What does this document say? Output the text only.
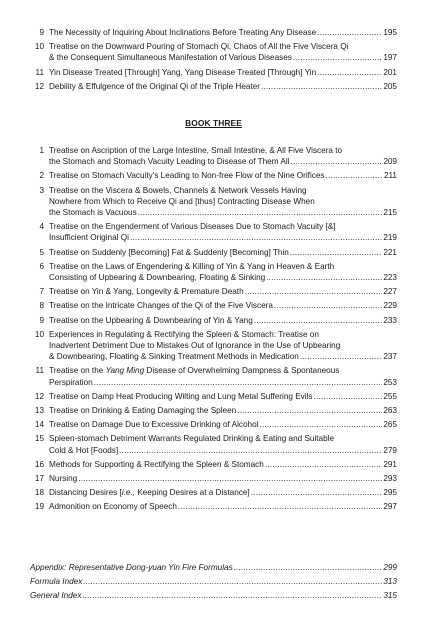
9 The Necessity of Inquiring About Inclinations Before Treating Any Disease .....	195
10 Treatise on the Downward Pouring of Stomach Qi, Chaos of All the Five Viscera Qi
& the Consequent Simultaneous Manifestation of Various Diseases .....	197
11 Yin Disease Treated [Through] Yang, Yang Disease Treated [Through] Yin .....	201
12 Debility & Effulgence of the Original Qi of the Triple Heater .....	205
BOOK THREE
1 Treatise on Ascription of the Large Intestine, Small Intestine, & All Five Viscera to
the Stomach and Stomach Vacuity Leading to Disease of Them All .....	209
2 Treatise on Stomach Vacuity's Leading to Non-free Flow of the Nine Orifices .....	211
3 Treatise on the Viscera & Bowels, Channels & Network Vessels Having
Nowhere from Which to Receive Qi and [thus] Contracting Disease When
the Stomach is Vacuous .....	215
4 Treatise on the Engenderment of Various Diseases Due to Stomach Vacuity [&]
Insufficient Original Qi .....	219
5 Treatise on Suddenly [Becoming] Fat & Suddenly [Becoming] Thin .....	221
6 Treatise on the Laws of Engendering & Killing of Yin & Yang in Heaven & Earth
Consisting of Upbearing & Downbearing, Floating & Sinking .....	223
7 Treatise on Yin & Yang, Longevity & Premature Death .....	227
8 Treatise on the Intricate Changes of the Qi of the Five Viscera .....	229
9 Treatise on the Upbearing & Downbearing of Yin & Yang .....	233
10 Experiences in Regulating & Rectifying the Spleen & Stomach: Treatise on
Inadvertent Detriment Due to Mistakes Out of Ignorance in the Use of Upbearing
& Downbearing, Floating & Sinking Treatment Methods in Medication .....	237
11 Treatise on the Yang Ming Disease of Overwhelming Dampness & Spontaneous
Perspiration .....	253
12 Treatise on Damp Heat Producing Wilting and Lung Metal Suffering Evils .....	255
13 Treatise on Drinking & Eating Damaging the Spleen .....	263
14 Treatise on Damage Due to Excessive Drinking of Alcohol .....	265
15 Spleen-stomach Detriment Warrants Regulated Drinking & Eating and Suitable
Cold & Hot [Foods] .....	279
16 Methods for Supporting & Rectifying the Spleen & Stomach .....	291
17 Nursing .....	293
18 Distancing Desires [i.e., Keeping Desires at a Distance] .....	295
19 Admonition on Economy of Speech .....	297
Appendix: Representative Dong-yuan Yin Fire Formulas .....	299
Formula Index .....	313
General Index .....	315
